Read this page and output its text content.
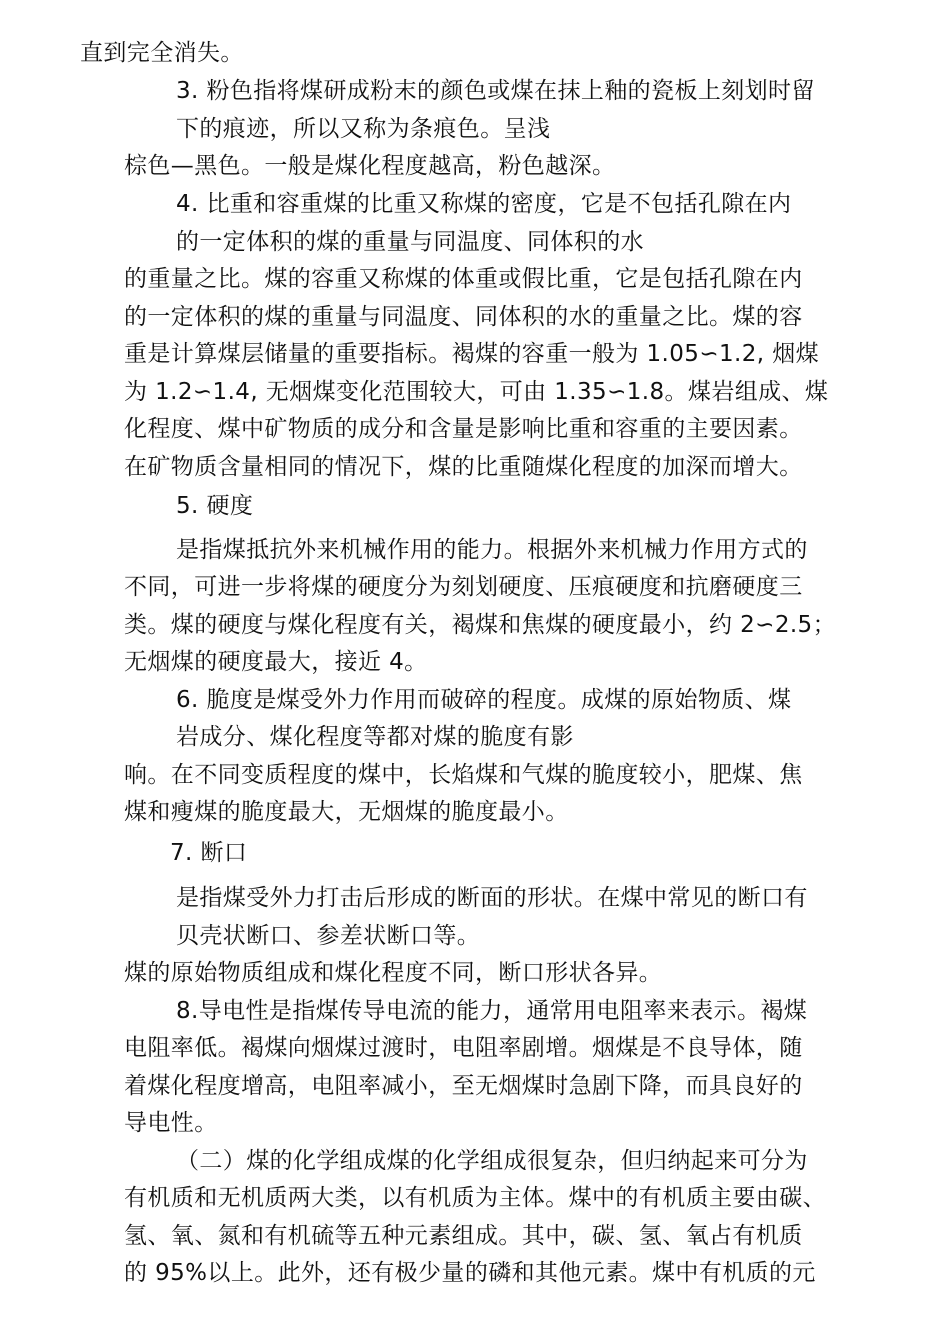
直到完全消失。
3. 粉色指将煤研成粉末的颜色或煤在抹上釉的瓷板上刻划时留
下的痕迹，所以又称为条痕色。呈浅
棕色—黑色。一般是煤化程度越高，粉色越深。
4. 比重和容重煤的比重又称煤的密度，它是不包括孔隙在内
的一定体积的煤的重量与同温度、同体积的水
的重量之比。煤的容重又称煤的体重或假比重，它是包括孔隙在内
的一定体积的煤的重量与同温度、同体积的水的重量之比。煤的容
重是计算煤层储量的重要指标。褐煤的容重一般为 1.05∽1.2, 烟煤
为 1.2∽1.4, 无烟煤变化范围较大，可由 1.35∽1.8。煤岩组成、煤
化程度、煤中矿物质的成分和含量是影响比重和容重的主要因素。
在矿物质含量相同的情况下，煤的比重随煤化程度的加深而增大。
5. 硬度
是指煤抵抗外来机械作用的能力。根据外来机械力作用方式的
不同，可进一步将煤的硬度分为刻划硬度、压痕硬度和抗磨硬度三
类。煤的硬度与煤化程度有关，褐煤和焦煤的硬度最小，约 2∽2.5；
无烟煤的硬度最大，接近 4。
6. 脆度是煤受外力作用而破碎的程度。成煤的原始物质、煤
岩成分、煤化程度等都对煤的脆度有影
响。在不同变质程度的煤中，长焰煤和气煤的脆度较小，肥煤、焦
煤和瘦煤的脆度最大，无烟煤的脆度最小。
7. 断口
是指煤受外力打击后形成的断面的形状。在煤中常见的断口有
贝壳状断口、参差状断口等。
煤的原始物质组成和煤化程度不同，断口形状各异。
8.导电性是指煤传导电流的能力，通常用电阻率来表示。褐煤
电阻率低。褐煤向烟煤过渡时，电阻率剧增。烟煤是不良导体，随
着煤化程度增高，电阻率减小，至无烟煤时急剧下降，而具良好的
导电性。
（二）煤的化学组成煤的化学组成很复杂，但归纳起来可分为
有机质和无机质两大类，以有机质为主体。煤中的有机质主要由碳、
氢、氧、氮和有机硫等五种元素组成。其中，碳、氢、氧占有机质
的 95%以上。此外，还有极少量的磷和其他元素。煤中有机质的元
